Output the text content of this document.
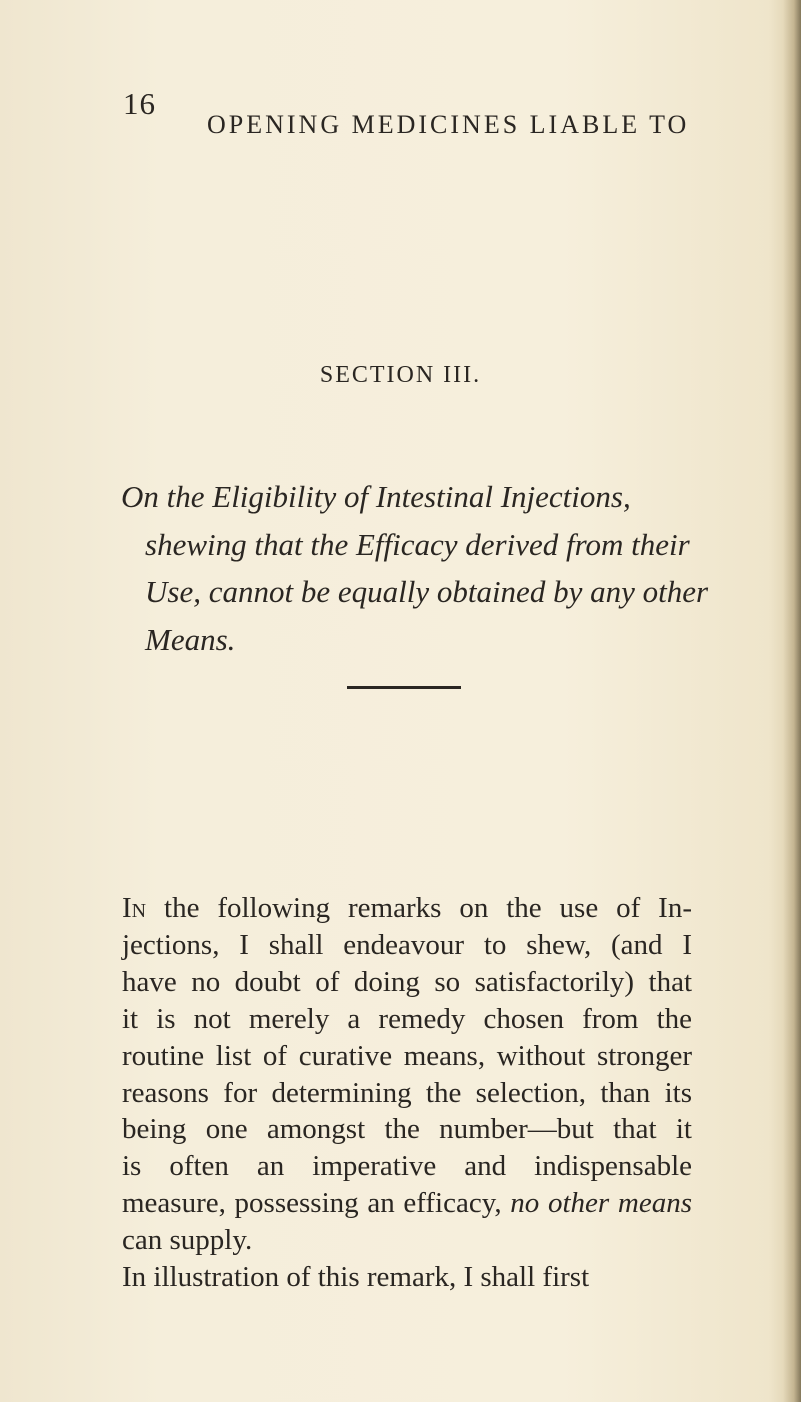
16
OPENING MEDICINES LIABLE TO
SECTION III.
On the Eligibility of Intestinal Injections,
shewing that the Efficacy derived from their
Use, cannot be equally obtained by any other
Means.
In the following remarks on the use of In-
jections, I shall endeavour to shew, (and I
have no doubt of doing so satisfactorily) that
it is not merely a remedy chosen from the
routine list of curative means, without stronger
reasons for determining the selection, than its
being one amongst the number—but that it
is often an imperative and indispensable
measure, possessing an efficacy, no other means
can supply.
In illustration of this remark, I shall first
